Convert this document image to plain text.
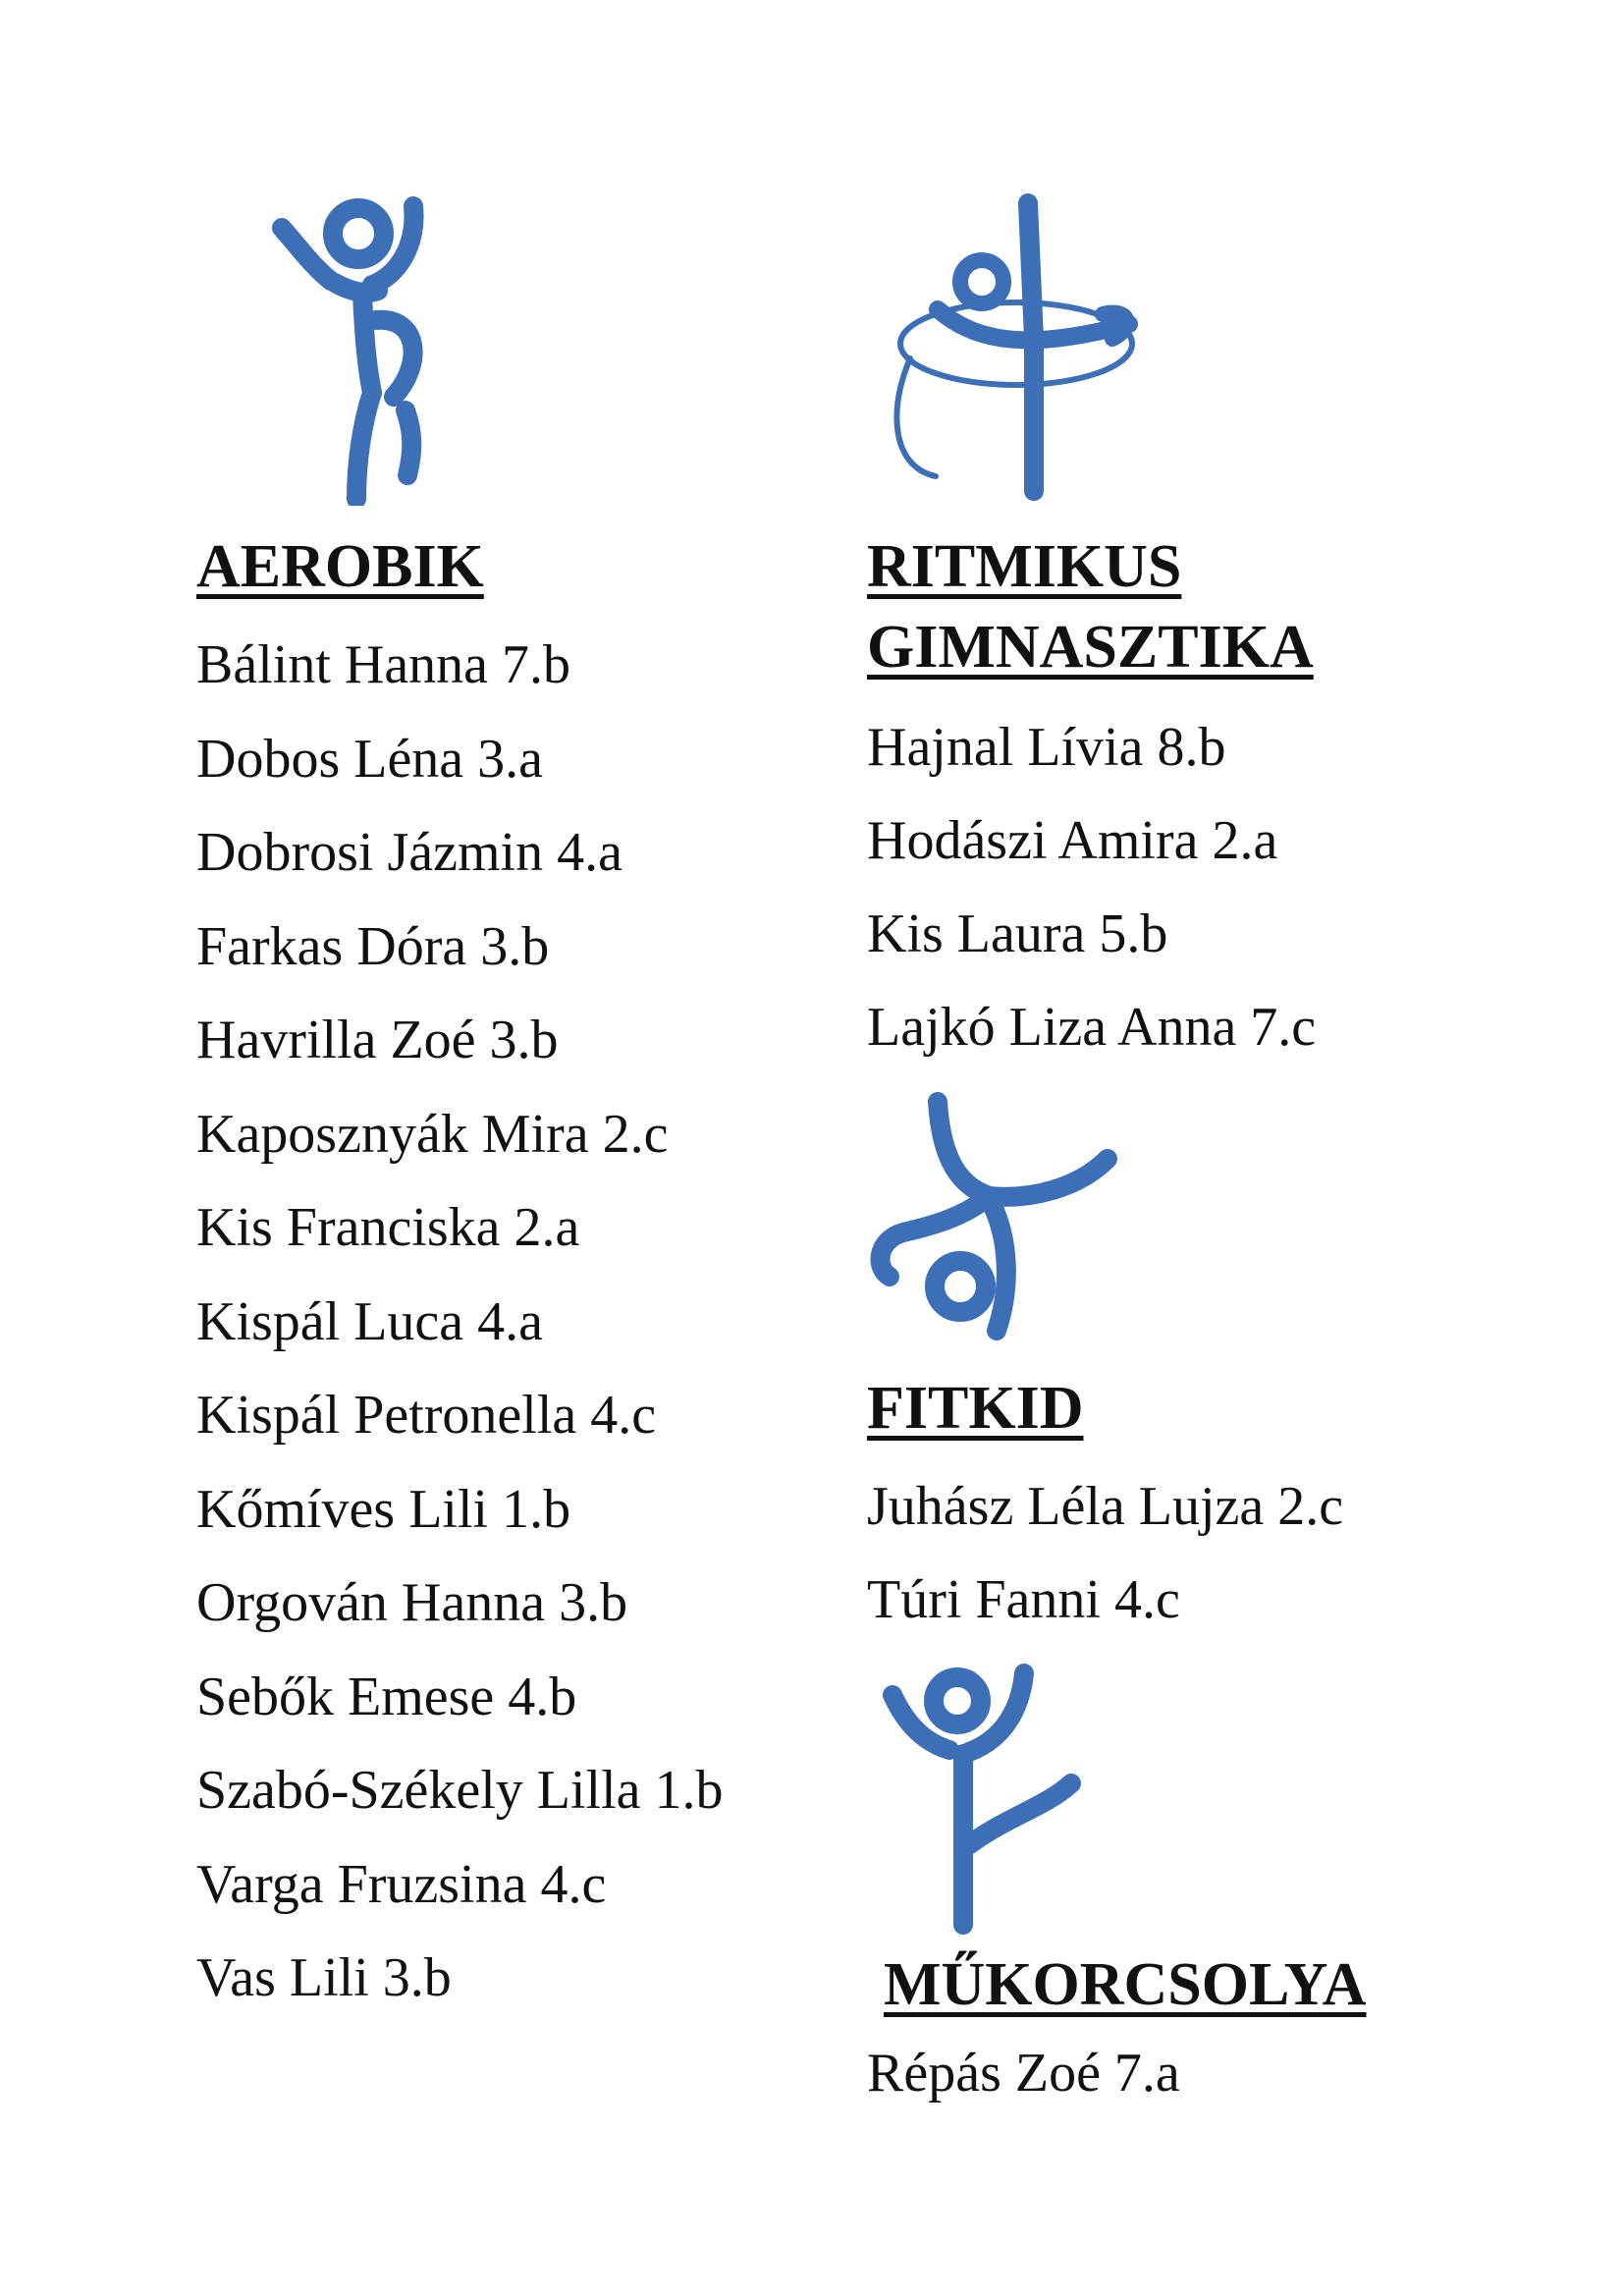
AEROBIK
Bálint Hanna 7.b
Dobos Léna 3.a
Dobrosi Jázmin 4.a
Farkas Dóra 3.b
Havrilla Zoé 3.b
Kaposznyák Mira 2.c
Kis Franciska 2.a
Kispál Luca 4.a
Kispál Petronella 4.c
Kőmíves Lili 1.b
Orgován Hanna 3.b
Sebők Emese 4.b
Szabó-Székely Lilla 1.b
Varga Fruzsina 4.c
Vas Lili 3.b
RITMIKUS
GIMNASZTIKA
Hajnal Lívia 8.b
Hodászi Amira 2.a
Kis Laura 5.b
Lajkó Liza Anna 7.c
FITKID
Juhász Léla Lujza 2.c
Túri Fanni 4.c
MŰKORCSOLYA
Répás Zoé 7.a
